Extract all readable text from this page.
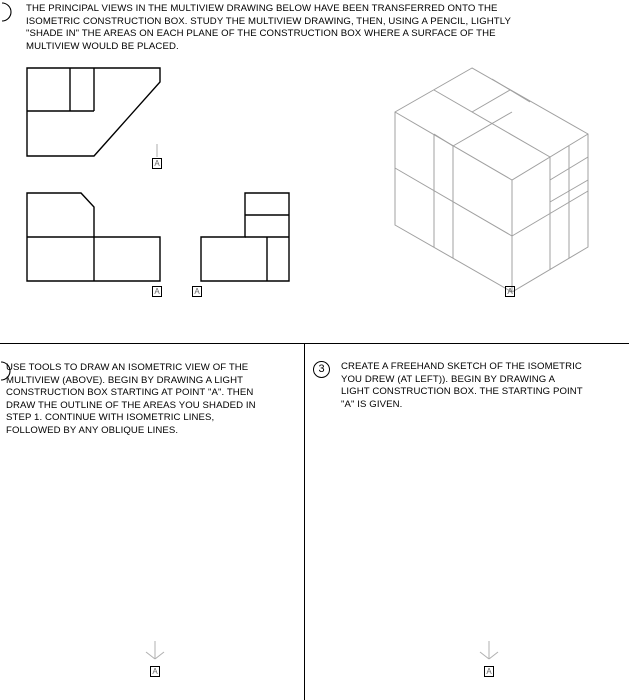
THE PRINCIPAL VIEWS IN THE MULTIVIEW DRAWING BELOW HAVE BEEN TRANSFERRED ONTO THE
ISOMETRIC CONSTRUCTION BOX. STUDY THE MULTIVIEW DRAWING, THEN, USING A PENCIL, LIGHTLY
"SHADE IN" THE AREAS ON EACH PLANE OF THE CONSTRUCTION BOX WHERE A SURFACE OF THE
MULTIVIEW WOULD BE PLACED.
A
A	A	A
A	A
USE TOOLS TO DRAW AN ISOMETRIC VIEW OF THE
MULTIVIEW (ABOVE). BEGIN BY DRAWING A LIGHT
CONSTRUCTION BOX STARTING AT POINT "A". THEN
DRAW THE OUTLINE OF THE AREAS YOU SHADED IN
STEP 1. CONTINUE WITH ISOMETRIC LINES,
FOLLOWED BY ANY OBLIQUE LINES.
3	CREATE A FREEHAND SKETCH OF THE ISOMETRIC
YOU DREW (AT LEFT)). BEGIN BY DRAWING A
LIGHT CONSTRUCTION BOX. THE STARTING POINT
"A" IS GIVEN.
